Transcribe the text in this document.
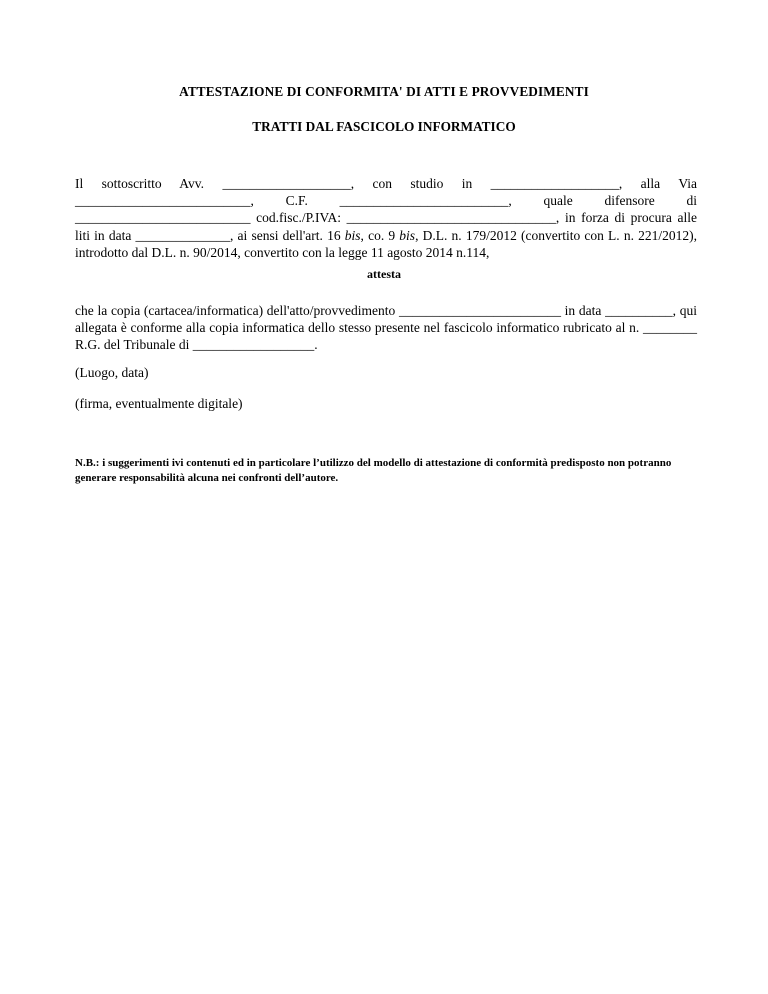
ATTESTAZIONE DI CONFORMITA' DI ATTI E PROVVEDIMENTI
TRATTI DAL FASCICOLO INFORMATICO
Il sottoscritto Avv. ___________________, con studio in ___________________, alla Via __________________________, C.F. _________________________, quale difensore di __________________________ cod.fisc./P.IVA: _______________________________, in forza di procura alle liti in data ______________, ai sensi dell'art. 16 bis, co. 9 bis, D.L. n. 179/2012 (convertito con L. n. 221/2012), introdotto dal D.L. n. 90/2014, convertito con la legge 11 agosto 2014 n.114,
attesta
che la copia (cartacea/informatica) dell'atto/provvedimento ________________________ in data __________, qui allegata è conforme alla copia informatica dello stesso presente nel fascicolo informatico rubricato al n. ________ R.G. del Tribunale di __________________.
(Luogo, data)
(firma, eventualmente digitale)
N.B.: i suggerimenti ivi contenuti ed in particolare l’utilizzo del modello di attestazione di conformità predisposto non potranno generare responsabilità alcuna nei confronti dell’autore.
